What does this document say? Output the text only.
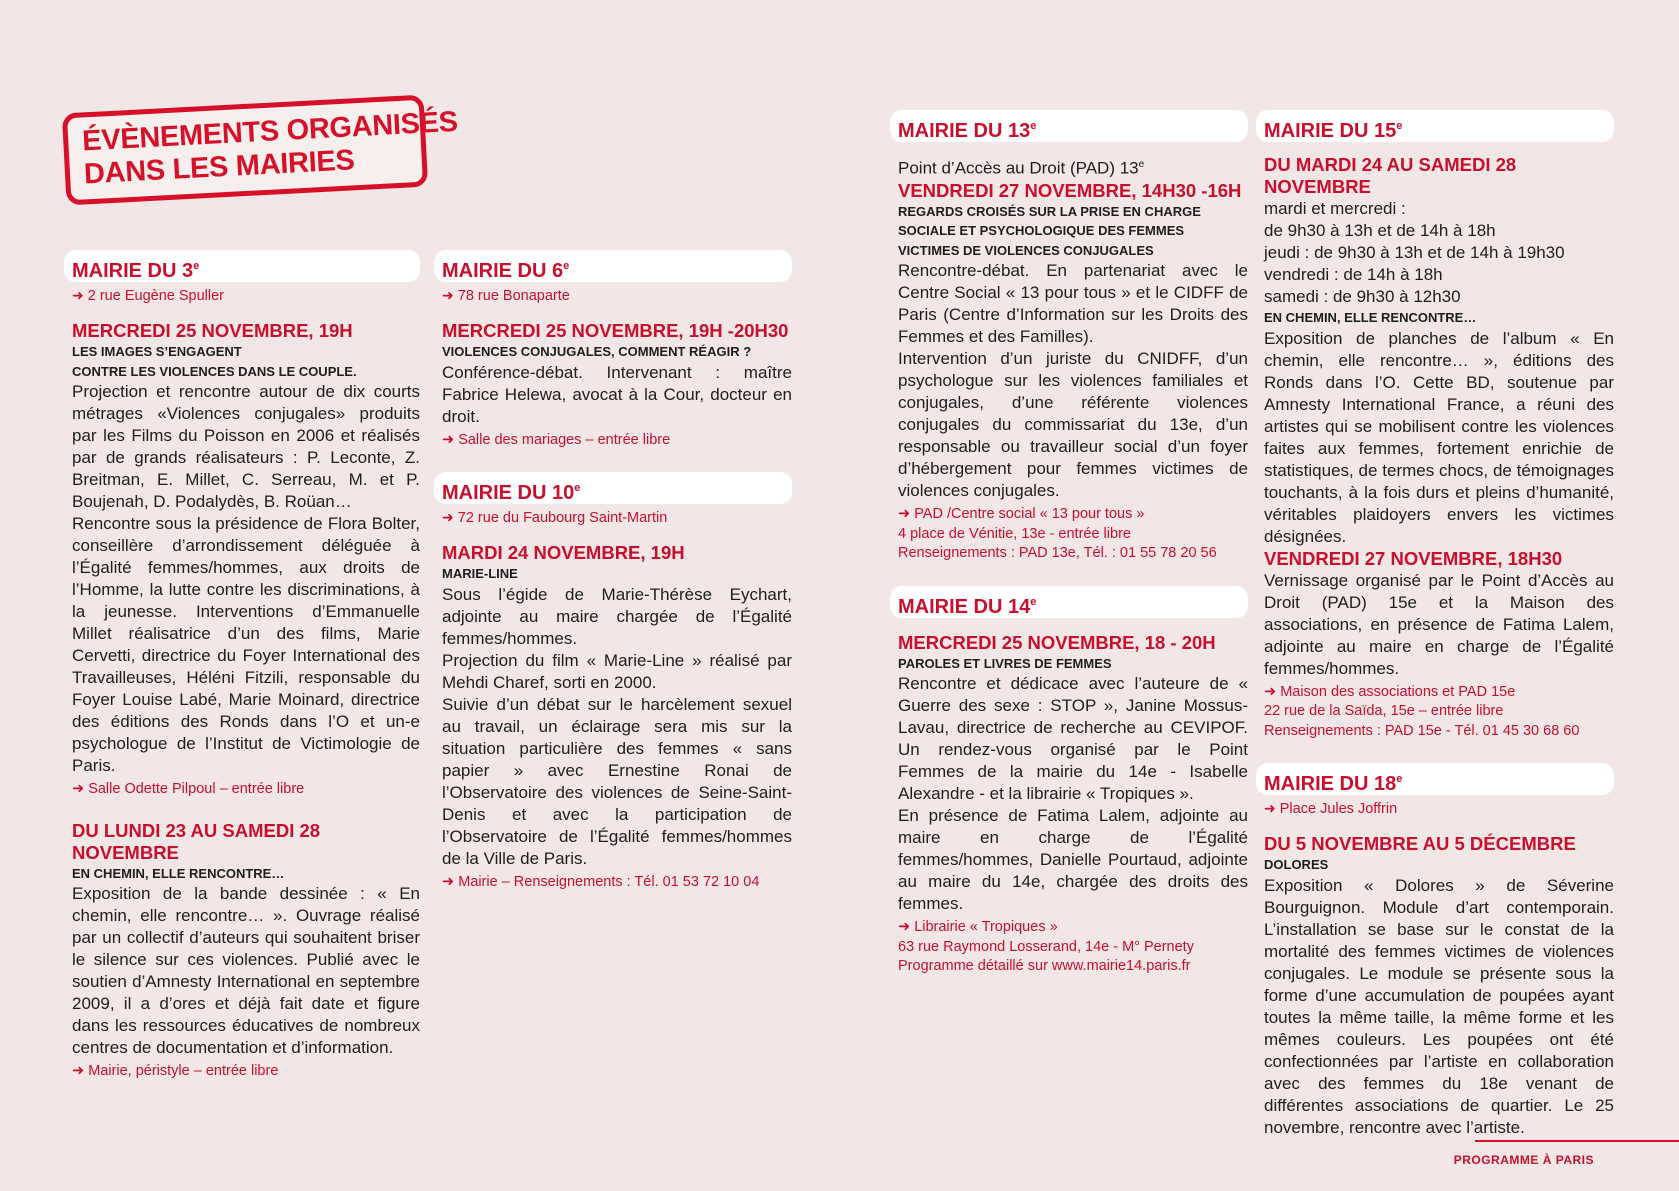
ÉVÈNEMENTS ORGANISÉS
DANS LES MAIRIES
MAIRIE DU 3e
➜ 2 rue Eugène Spuller
MERCREDI 25 NOVEMBRE, 19H
LES IMAGES S’ENGAGENT
CONTRE LES VIOLENCES DANS LE COUPLE.

Projection et rencontre autour de dix courts métrages «Violences conjugales» produits par les Films du Poisson en 2006 et réalisés par de grands réalisateurs : P. Leconte, Z. Breitman, E. Millet, C. Serreau, M. et P. Boujenah, D. Podalydès, B. Roüan…

Rencontre sous la présidence de Flora Bolter, conseillère d’arrondissement déléguée à l’Égalité femmes/hommes, aux droits de l’Homme, la lutte contre les discriminations, à la jeunesse. Interventions d’Emmanuelle Millet réalisatrice d’un des films, Marie Cervetti, directrice du Foyer International des Travailleuses, Héléni Fitzili, responsable du Foyer Louise Labé, Marie Moinard, directrice des éditions des Ronds dans l’O et un-e psychologue de l’Institut de Victimologie de Paris.

➜ Salle Odette Pilpoul – entrée libre
DU LUNDI 23 AU SAMEDI 28 NOVEMBRE
EN CHEMIN, ELLE RENCONTRE…

Exposition de la bande dessinée : « En chemin, elle rencontre… ». Ouvrage réalisé par un collectif d’auteurs qui souhaitent briser le silence sur ces violences. Publié avec le soutien d’Amnesty International en septembre 2009, il a d’ores et déjà fait date et figure dans les ressources éducatives de nombreux centres de documentation et d’information.

➜ Mairie, péristyle – entrée libre
MAIRIE DU 6e
➜ 78 rue Bonaparte
MERCREDI 25 NOVEMBRE, 19H -20H30
VIOLENCES CONJUGALES, COMMENT RÉAGIR ?

Conférence-débat. Intervenant : maître Fabrice Helewa, avocat à la Cour, docteur en droit.

➜ Salle des mariages – entrée libre
MAIRIE DU 10e
➜ 72 rue du Faubourg Saint-Martin
MARDI 24 NOVEMBRE, 19H
MARIE-LINE

Sous l’égide de Marie-Thérèse Eychart, adjointe au maire chargée de l’Égalité femmes/hommes.

Projection du film « Marie-Line » réalisé par Mehdi Charef, sorti en 2000.

Suivie d’un débat sur le harcèlement sexuel au travail, un éclairage sera mis sur la situation particulière des femmes « sans papier » avec Ernestine Ronai de l’Observatoire des violences de Seine-Saint-Denis et avec la participation de l’Observatoire de l’Égalité femmes/hommes de la Ville de Paris.

➜ Mairie – Renseignements : Tél. 01 53 72 10 04
MAIRIE DU 13e
Point d’Accès au Droit (PAD) 13e
VENDREDI 27 NOVEMBRE, 14H30 -16H
REGARDS CROISÉS SUR LA PRISE EN CHARGE SOCIALE ET PSYCHOLOGIQUE DES FEMMES VICTIMES DE VIOLENCES CONJUGALES

Rencontre-débat. En partenariat avec le Centre Social « 13 pour tous » et le CIDFF de Paris (Centre d’Information sur les Droits des Femmes et des Familles).

Intervention d’un juriste du CNIDFF, d’un psychologue sur les violences familiales et conjugales, d’une référente violences conjugales du commissariat du 13e, d’un responsable ou travailleur social d’un foyer d’hébergement pour femmes victimes de violences conjugales.

➜ PAD /Centre social « 13 pour tous »
4 place de Vénitie, 13e - entrée libre
Renseignements : PAD 13e, Tél. : 01 55 78 20 56
MAIRIE DU 14e
MERCREDI 25 NOVEMBRE, 18 - 20H
PAROLES ET LIVRES DE FEMMES

Rencontre et dédicace avec l’auteure de « Guerre des sexe : STOP », Janine Mossus-Lavau, directrice de recherche au CEVIPOF. Un rendez-vous organisé par le Point Femmes de la mairie du 14e - Isabelle Alexandre - et la librairie « Tropiques ».

En présence de Fatima Lalem, adjointe au maire en charge de l’Égalité femmes/hommes, Danielle Pourtaud, adjointe au maire du 14e, chargée des droits des femmes.

➜ Librairie « Tropiques »
63 rue Raymond Losserand, 14e - M° Pernety
Programme détaillé sur www.mairie14.paris.fr
MAIRIE DU 15e
DU MARDI 24 AU SAMEDI 28 NOVEMBRE
mardi et mercredi :
de 9h30 à 13h et de 14h à 18h
jeudi : de 9h30 à 13h et de 14h à 19h30
vendredi : de 14h à 18h
samedi : de 9h30 à 12h30
EN CHEMIN, ELLE RENCONTRE…

Exposition de planches de l’album « En chemin, elle rencontre… », éditions des Ronds dans l’O. Cette BD, soutenue par Amnesty International France, a réuni des artistes qui se mobilisent contre les violences faites aux femmes, fortement enrichie de statistiques, de termes chocs, de témoignages touchants, à la fois durs et pleins d’humanité, véritables plaidoyers envers les victimes désignées.

VENDREDI 27 NOVEMBRE, 18H30

Vernissage organisé par le Point d’Accès au Droit (PAD) 15e et la Maison des associations, en présence de Fatima Lalem, adjointe au maire en charge de l’Égalité femmes/hommes.

➜ Maison des associations et PAD 15e
22 rue de la Saïda, 15e – entrée libre
Renseignements : PAD 15e - Tél. 01 45 30 68 60
MAIRIE DU 18e
➜ Place Jules Joffrin
DU 5 NOVEMBRE AU 5 DÉCEMBRE
DOLORES

Exposition « Dolores » de Séverine Bourguignon. Module d’art contemporain. L’installation se base sur le constat de la mortalité des femmes victimes de violences conjugales. Le module se présente sous la forme d’une accumulation de poupées ayant toutes la même taille, la même forme et les mêmes couleurs. Les poupées ont été confectionnées par l’artiste en collaboration avec des femmes du 18e venant de différentes associations de quartier. Le 25 novembre, rencontre avec l’artiste.

PROGRAMME À PARIS
